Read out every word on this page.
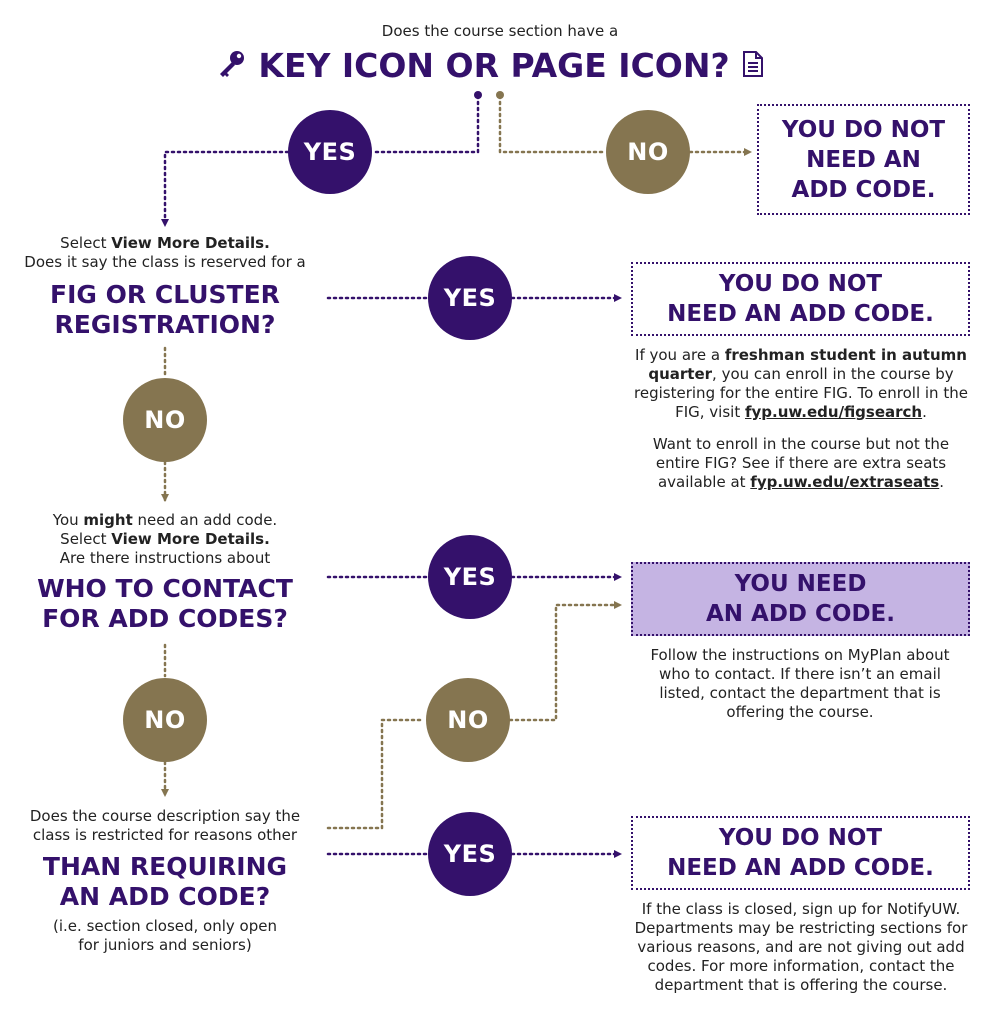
Does the course section have a
KEY ICON OR PAGE ICON?
YES	NO
YES
NO
YES
NO	NO
YES
YOU DO NOT
NEED AN
ADD CODE.
YOU DO NOT
NEED AN ADD CODE.
YOU NEED
AN ADD CODE.
YOU DO NOT
NEED AN ADD CODE.
Select View More Details.
Does it say the class is reserved for a
FIG OR CLUSTER
REGISTRATION?
You might need an add code.
Select View More Details.
Are there instructions about
WHO TO CONTACT
FOR ADD CODES?
Does the course description say the
class is restricted for reasons other
THAN REQUIRING
AN ADD CODE?
(i.e. section closed, only open
for juniors and seniors)

If you are a freshman student in autumn quarter, you can enroll in the course by registering for the entire FIG. To enroll in the FIG, visit fyp.uw.edu/figsearch.

Want to enroll in the course but not the entire FIG? See if there are extra seats available at fyp.uw.edu/extraseats.

Follow the instructions on MyPlan about who to contact. If there isn’t an email listed, contact the department that is offering the course.
If the class is closed, sign up for NotifyUW. Departments may be restricting sections for various reasons, and are not giving out add codes. For more information, contact the department that is offering the course.
